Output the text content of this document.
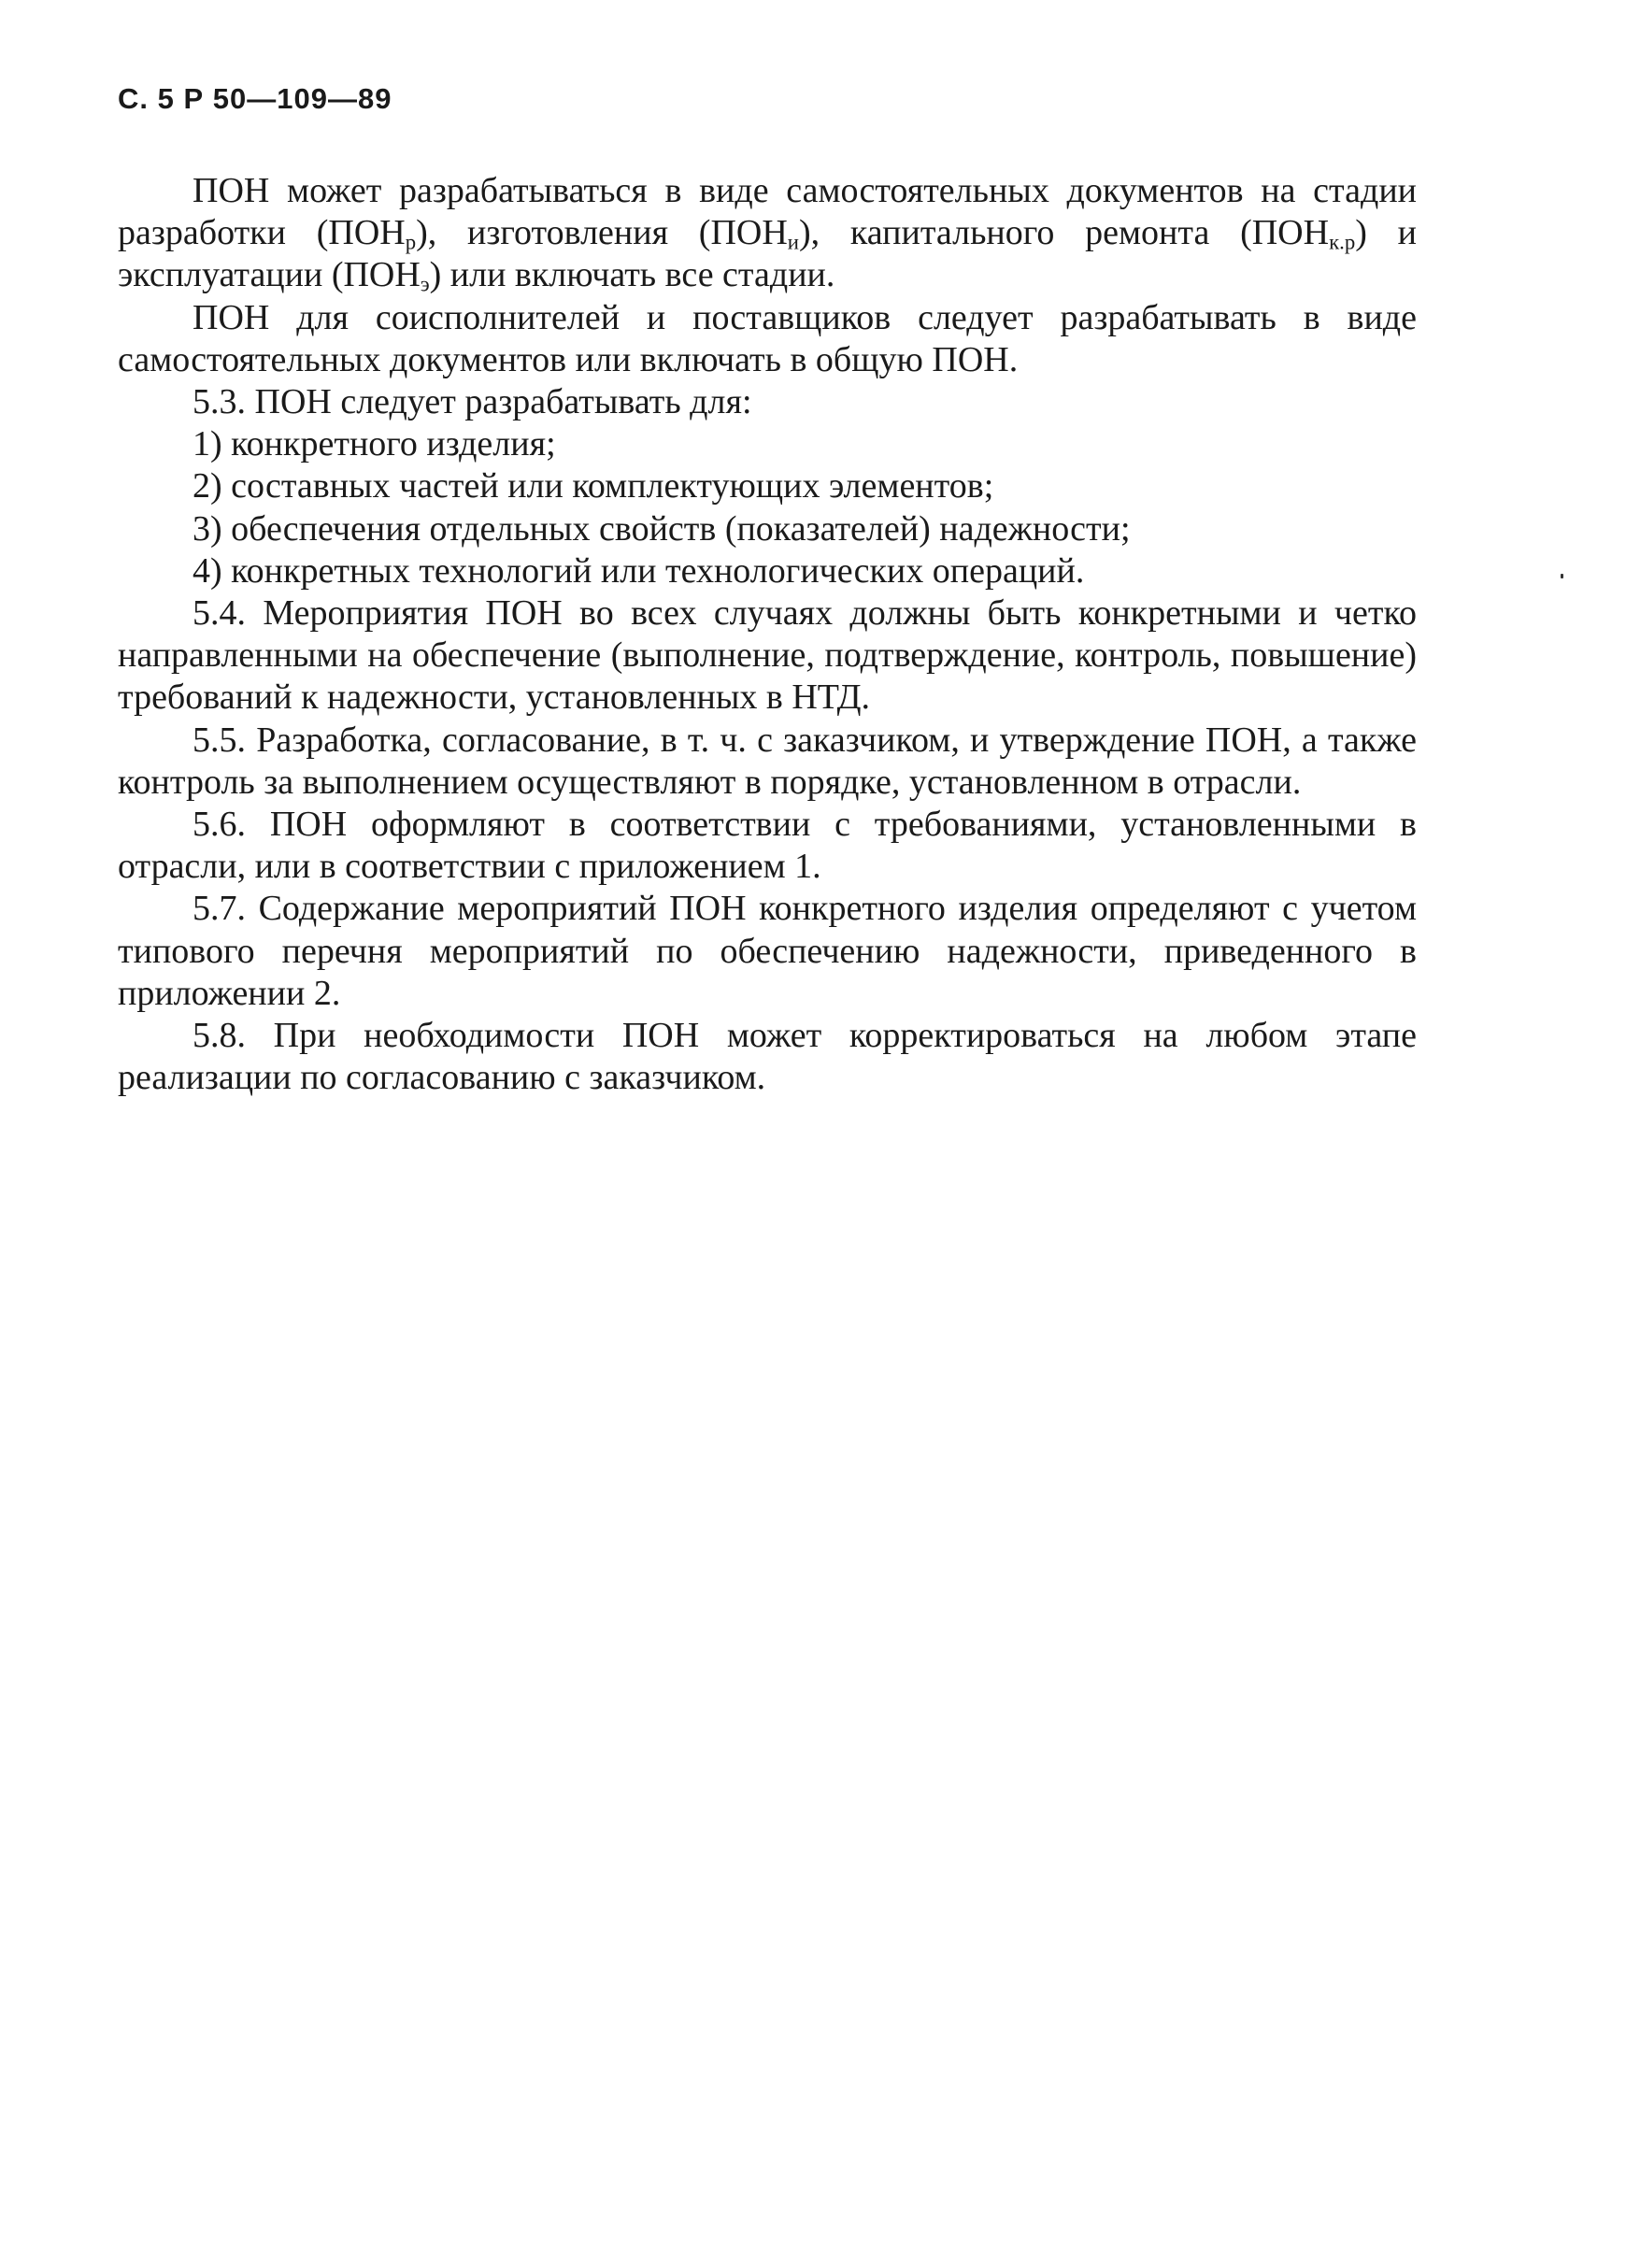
С. 5 Р 50—109—89

ПОН может разрабатываться в виде самостоятельных документов на стадии разработки $(ПОН_р)$, изготовления $(ПОН_и)$, капитального ремонта $(ПОН_{к.р})$ и эксплуатации $(ПОН_э)$ или включать все стадии.

ПОН для соисполнителей и поставщиков следует разрабатывать в виде самостоятельных документов или включать в общую ПОН.

5.3. ПОН следует разрабатывать для:

1) конкретного изделия;

2) составных частей или комплектующих элементов;

3) обеспечения отдельных свойств (показателей) надежности;

4) конкретных технологий или технологических операций.

5.4. Мероприятия ПОН во всех случаях должны быть конкретными и четко направленными на обеспечение (выполнение, подтверждение, контроль, повышение) требований к надежности, установленных в НТД.

5.5. Разработка, согласование, в т. ч. с заказчиком, и утверждение ПОН, а также контроль за выполнением осуществляют в порядке, установленном в отрасли.

5.6. ПОН оформляют в соответствии с требованиями, установленными в отрасли, или в соответствии с приложением 1.

5.7. Содержание мероприятий ПОН конкретного изделия определяют с учетом типового перечня мероприятий по обеспечению надежности, приведенного в приложении 2.

5.8. При необходимости ПОН может корректироваться на любом этапе реализации по согласованию с заказчиком.
